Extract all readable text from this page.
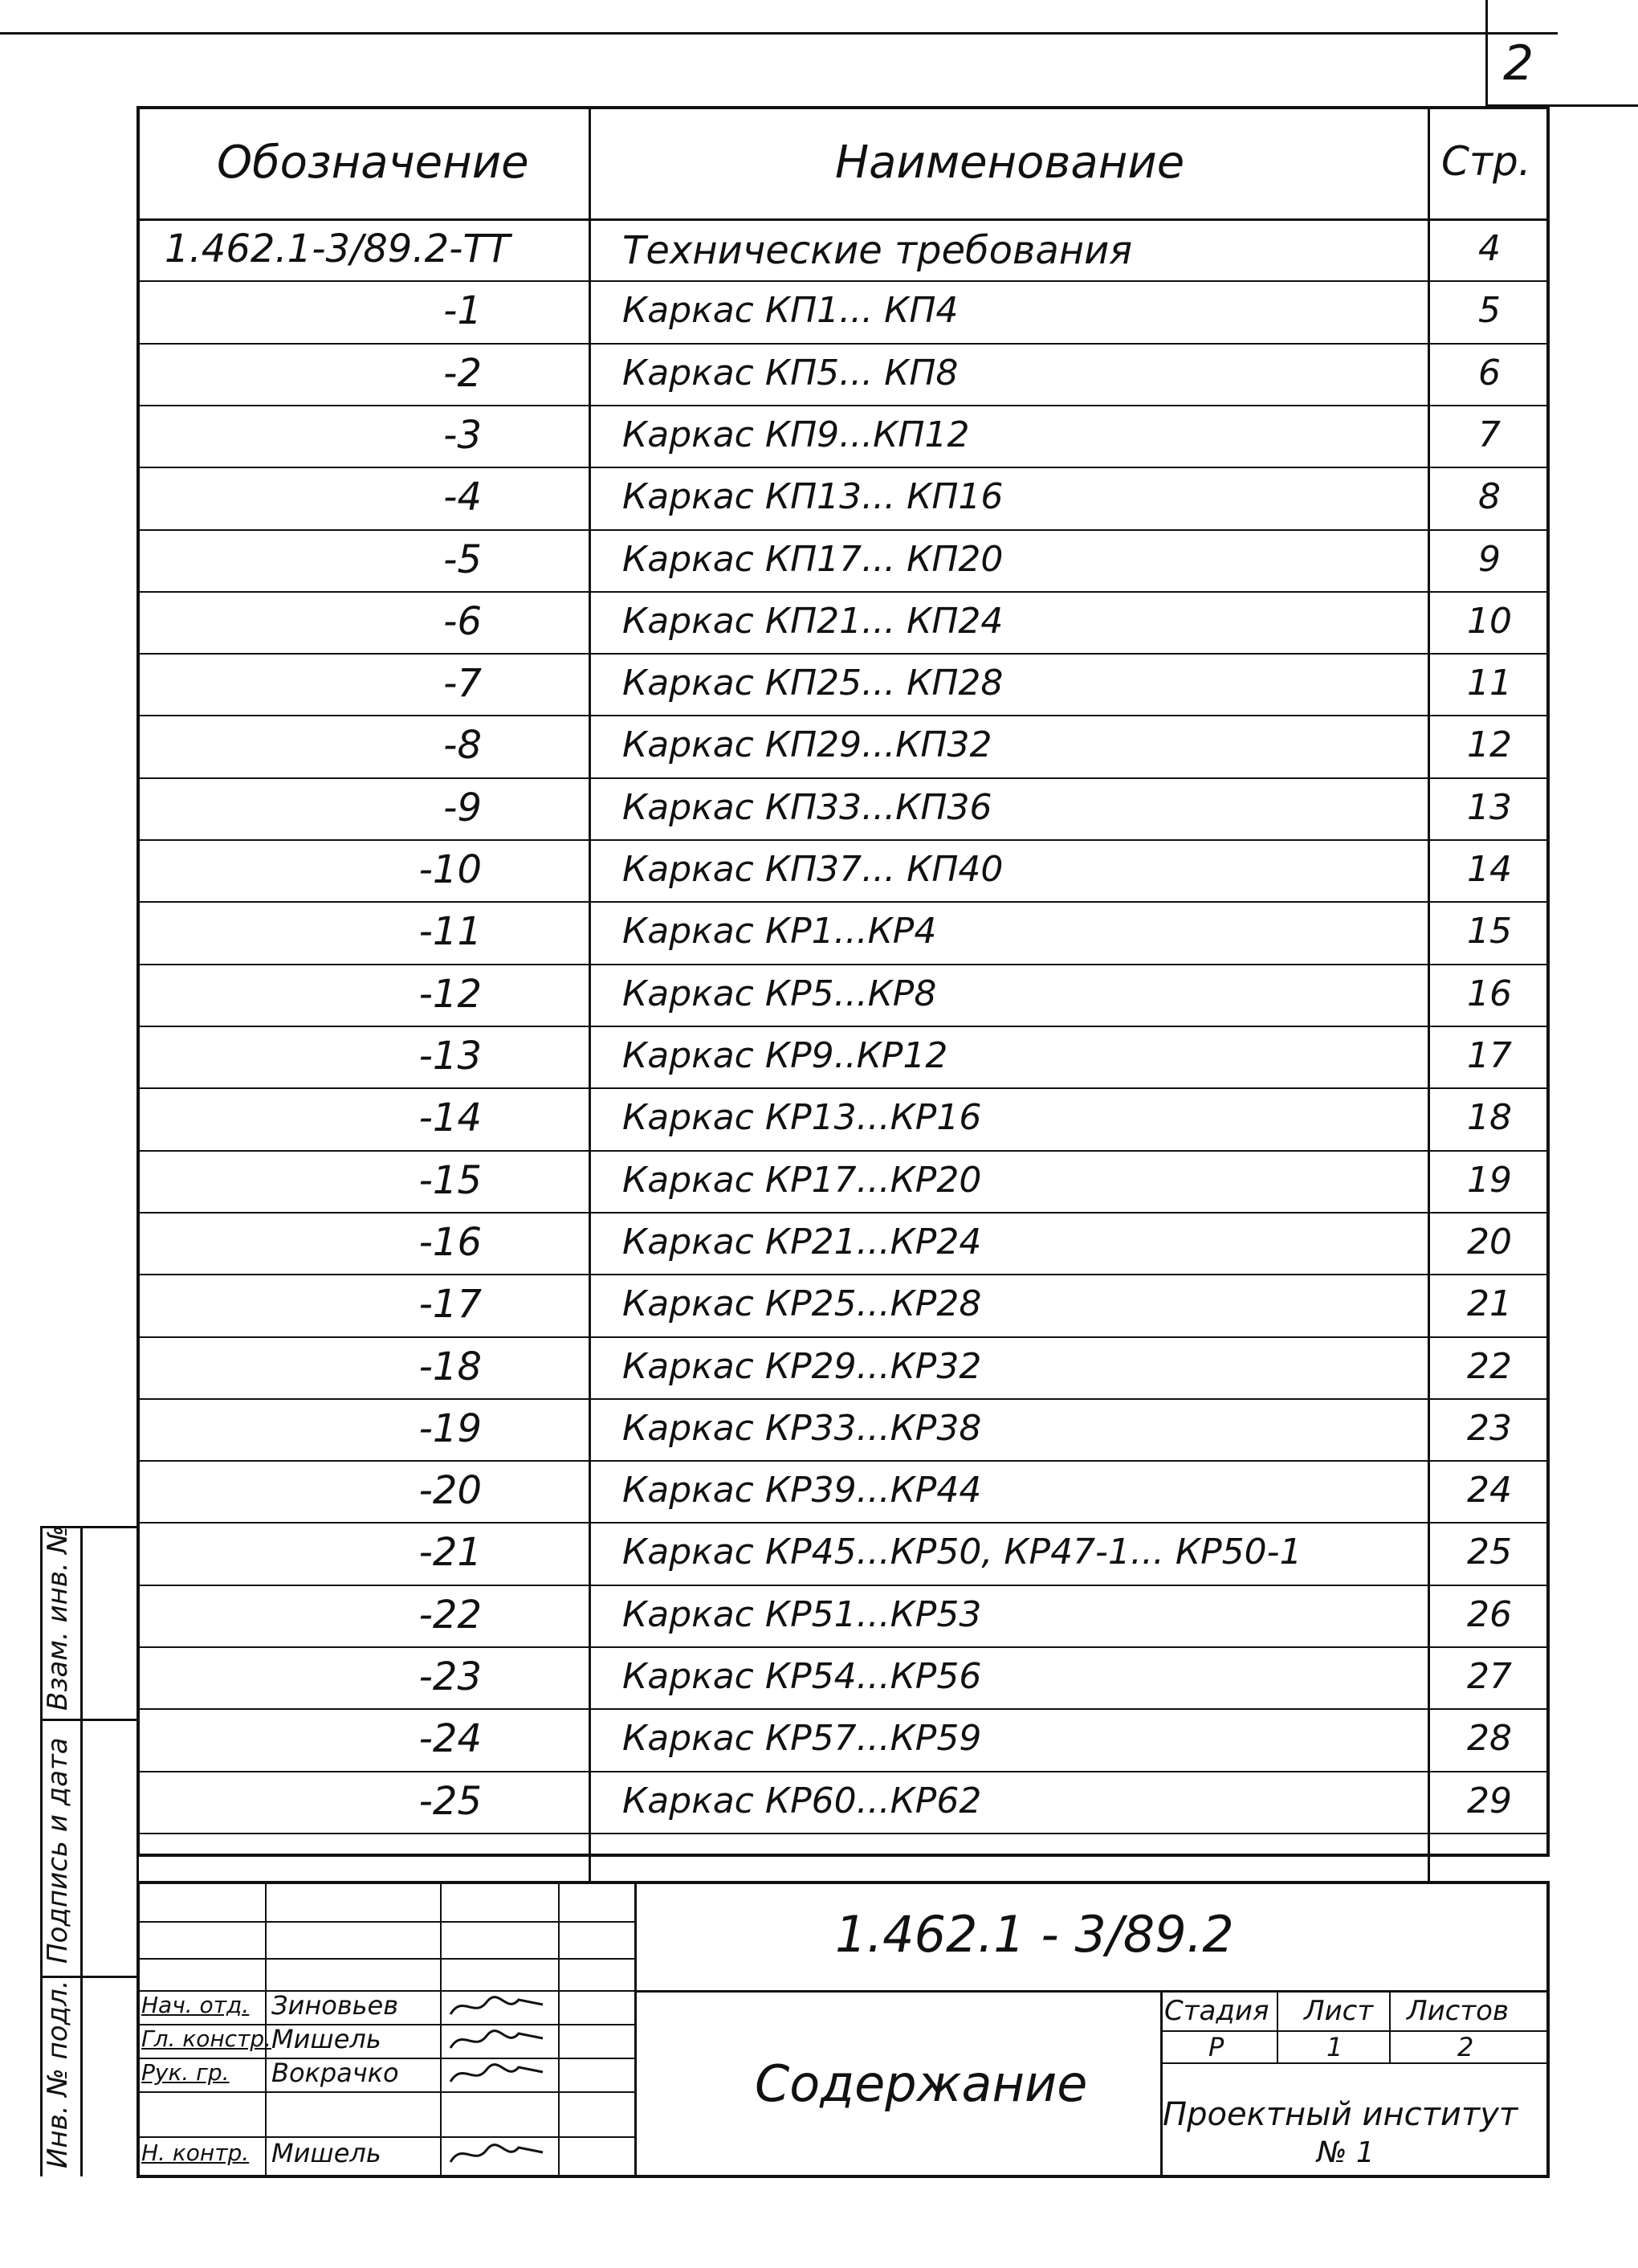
2
Обозначение	Наименование	Стр.
1.462.1-3/89.2-ТТ	Технические требования	4
-1	Каркас КП1... КП4	5
-2	Каркас КП5... КП8	6
-3	Каркас КП9...КП12	7
-4	Каркас КП13... КП16	8
-5	Каркас КП17... КП20	9
-6	Каркас КП21... КП24	10
-7	Каркас КП25... КП28	11
-8	Каркас КП29...КП32	12
-9	Каркас КП33...КП36	13
-10	Каркас КП37... КП40	14
-11	Каркас КР1...КР4	15
-12	Каркас КР5...КР8	16
-13	Каркас КР9..КР12	17
-14	Каркас КР13...КР16	18
-15	Каркас КР17...КР20	19
-16	Каркас КР21...КР24	20
-17	Каркас КР25...КР28	21
-18	Каркас КР29...КР32	22
-19	Каркас КР33...КР38	23
-20	Каркас КР39...КР44	24
-21	Каркас КР45...КР50, КР47-1... КР50-1	25
-22	Каркас КР51...КР53	26
-23	Каркас КР54...КР56	27
-24	Каркас КР57...КР59	28
-25	Каркас КР60...КР62	29
Взам. инв. №
Подпись и дата
Инв. № подл.	Нач. отд. Зиновьев
Гл. констр. Мишель
Рук. гр. Вокрачко
Н. контр. Мишель
1.462.1 - 3/89.2
Содержание
Стадия Лист Листов
Р	1	2
Проектный институт
№ 1
